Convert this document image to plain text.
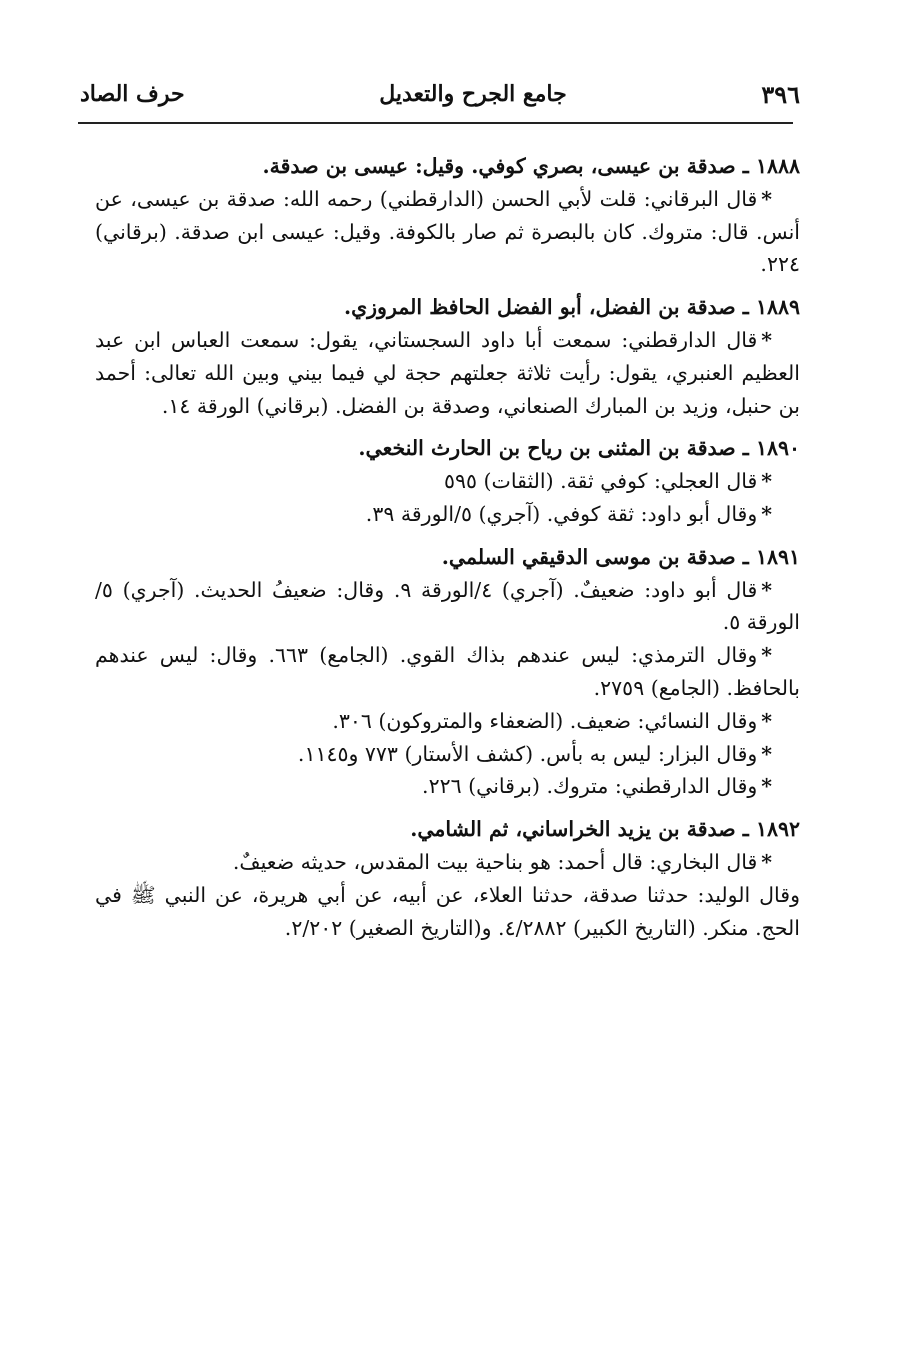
٣٩٦
جامع الجرح والتعديل
حرف الصاد
١٨٨٨ ـ صدقة بن عيسى، بصري كوفي. وقيل: عيسى بن صدقة.
*قال البرقاني: قلت لأبي الحسن (الدارقطني) رحمه الله: صدقة بن عيسى، عن أنس. قال: متروك. كان بالبصرة ثم صار بالكوفة. وقيل: عيسى ابن صدقة. (برقاني) ٢٢٤.
١٨٨٩ ـ صدقة بن الفضل، أبو الفضل الحافظ المروزي.
*قال الدارقطني: سمعت أبا داود السجستاني، يقول: سمعت العباس ابن عبد العظيم العنبري، يقول: رأيت ثلاثة جعلتهم حجة لي فيما بيني وبين الله تعالى: أحمد بن حنبل، وزيد بن المبارك الصنعاني، وصدقة بن الفضل. (برقاني) الورقة ١٤.
١٨٩٠ ـ صدقة بن المثنى بن رياح بن الحارث النخعي.
*قال العجلي: كوفي ثقة. (الثقات) ٥٩٥
*وقال أبو داود: ثقة كوفي. (آجري) ٥/الورقة ٣٩.
١٨٩١ ـ صدقة بن موسى الدقيقي السلمي.
*قال أبو داود: ضعيفٌ. (آجري) ٤/الورقة ٩. وقال: ضعيفُ الحديث. (آجري) ٥/الورقة ٥.
*وقال الترمذي: ليس عندهم بذاك القوي. (الجامع) ٦٦٣. وقال: ليس عندهم بالحافظ. (الجامع) ٢٧٥٩.
*وقال النسائي: ضعيف. (الضعفاء والمتروكون) ٣٠٦.
*وقال البزار: ليس به بأس. (كشف الأستار) ٧٧٣ و١١٤٥.
*وقال الدارقطني: متروك. (برقاني) ٢٢٦.
١٨٩٢ ـ صدقة بن يزيد الخراساني، ثم الشامي.
*قال البخاري: قال أحمد: هو بناحية بيت المقدس، حديثه ضعيفٌ.
وقال الوليد: حدثنا صدقة، حدثنا العلاء، عن أبيه، عن أبي هريرة، عن النبي ﷺ في الحج. منكر. (التاريخ الكبير) ٤/٢٨٨٢. و(التاريخ الصغير) ٢/٢٠٢.
